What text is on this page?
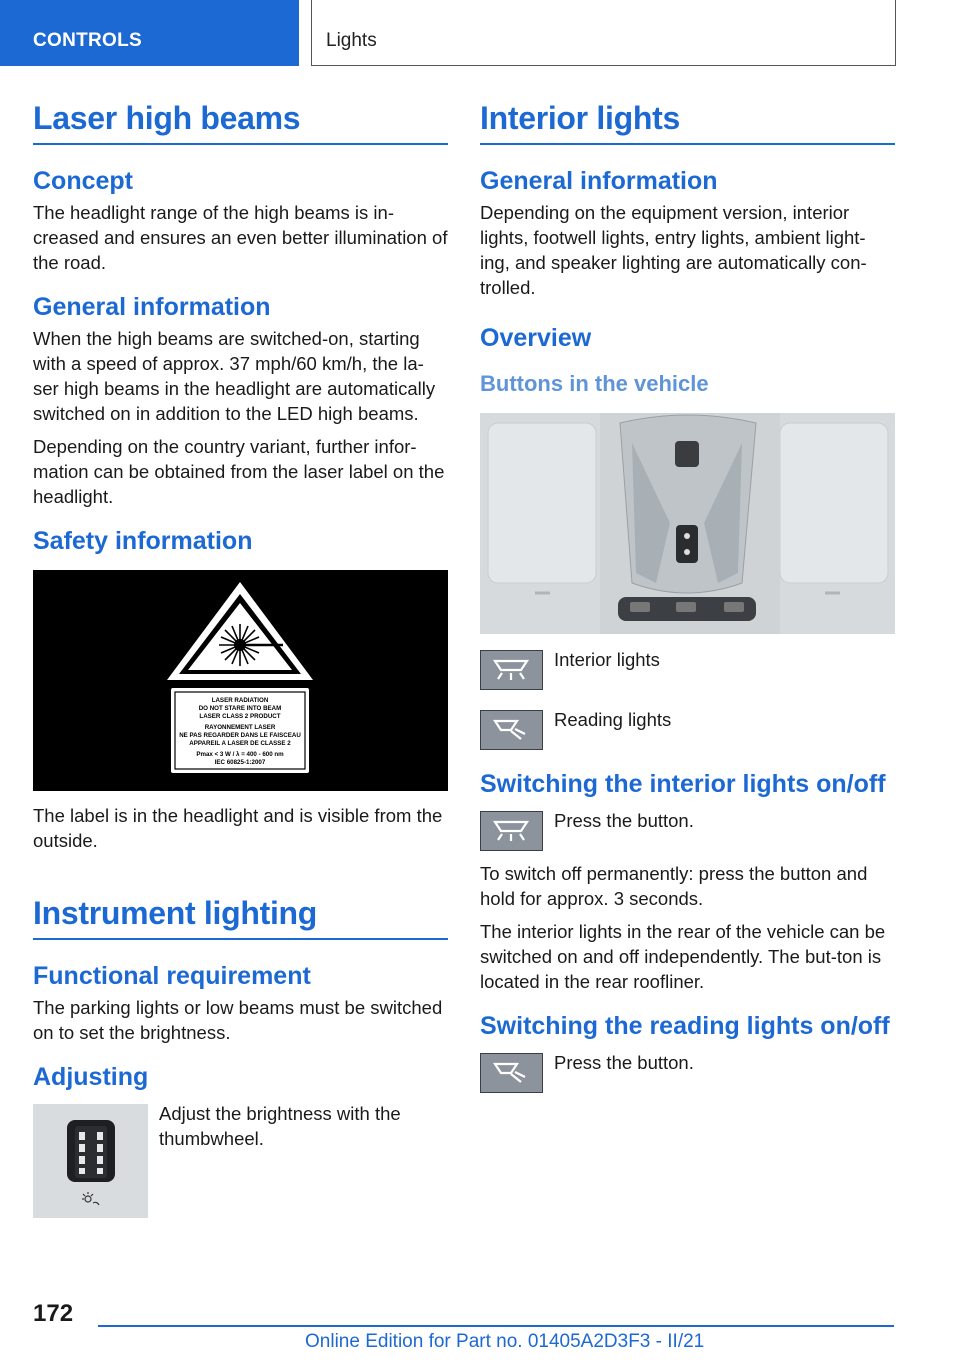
CONTROLS	Lights
Laser high beams
Concept
The headlight range of the high beams is in-creased and ensures an even better illumination of the road.
General information
When the high beams are switched-on, starting with a speed of approx. 37 mph/60 km/h, the la-ser high beams in the headlight are automatically switched on in addition to the LED high beams.
Depending on the country variant, further infor-mation can be obtained from the laser label on the headlight.
Safety information
LASER RADIATION
DO NOT STARE INTO BEAM
LASER CLASS 2 PRODUCT
RAYONNEMENT LASER
NE PAS REGARDER DANS LE FAISCEAU
APPAREIL A LASER DE CLASSE 2
Pmax < 3 W / λ = 400 - 600 nm
IEC 60825-1:2007
The label is in the headlight and is visible from the outside.
Instrument lighting
Functional requirement
The parking lights or low beams must be switched on to set the brightness.
Adjusting
Adjust the brightness with the thumbwheel.
Interior lights
General information
Depending on the equipment version, interior lights, footwell lights, entry lights, ambient light-ing, and speaker lighting are automatically con-trolled.
Overview
Buttons in the vehicle
Interior lights
Reading lights
Switching the interior lights on/off
Press the button.
To switch off permanently: press the button and hold for approx. 3 seconds.
The interior lights in the rear of the vehicle can be switched on and off independently. The but-ton is located in the rear roofliner.
Switching the reading lights on/off
Press the button.
172
Online Edition for Part no. 01405A2D3F3 - II/21
